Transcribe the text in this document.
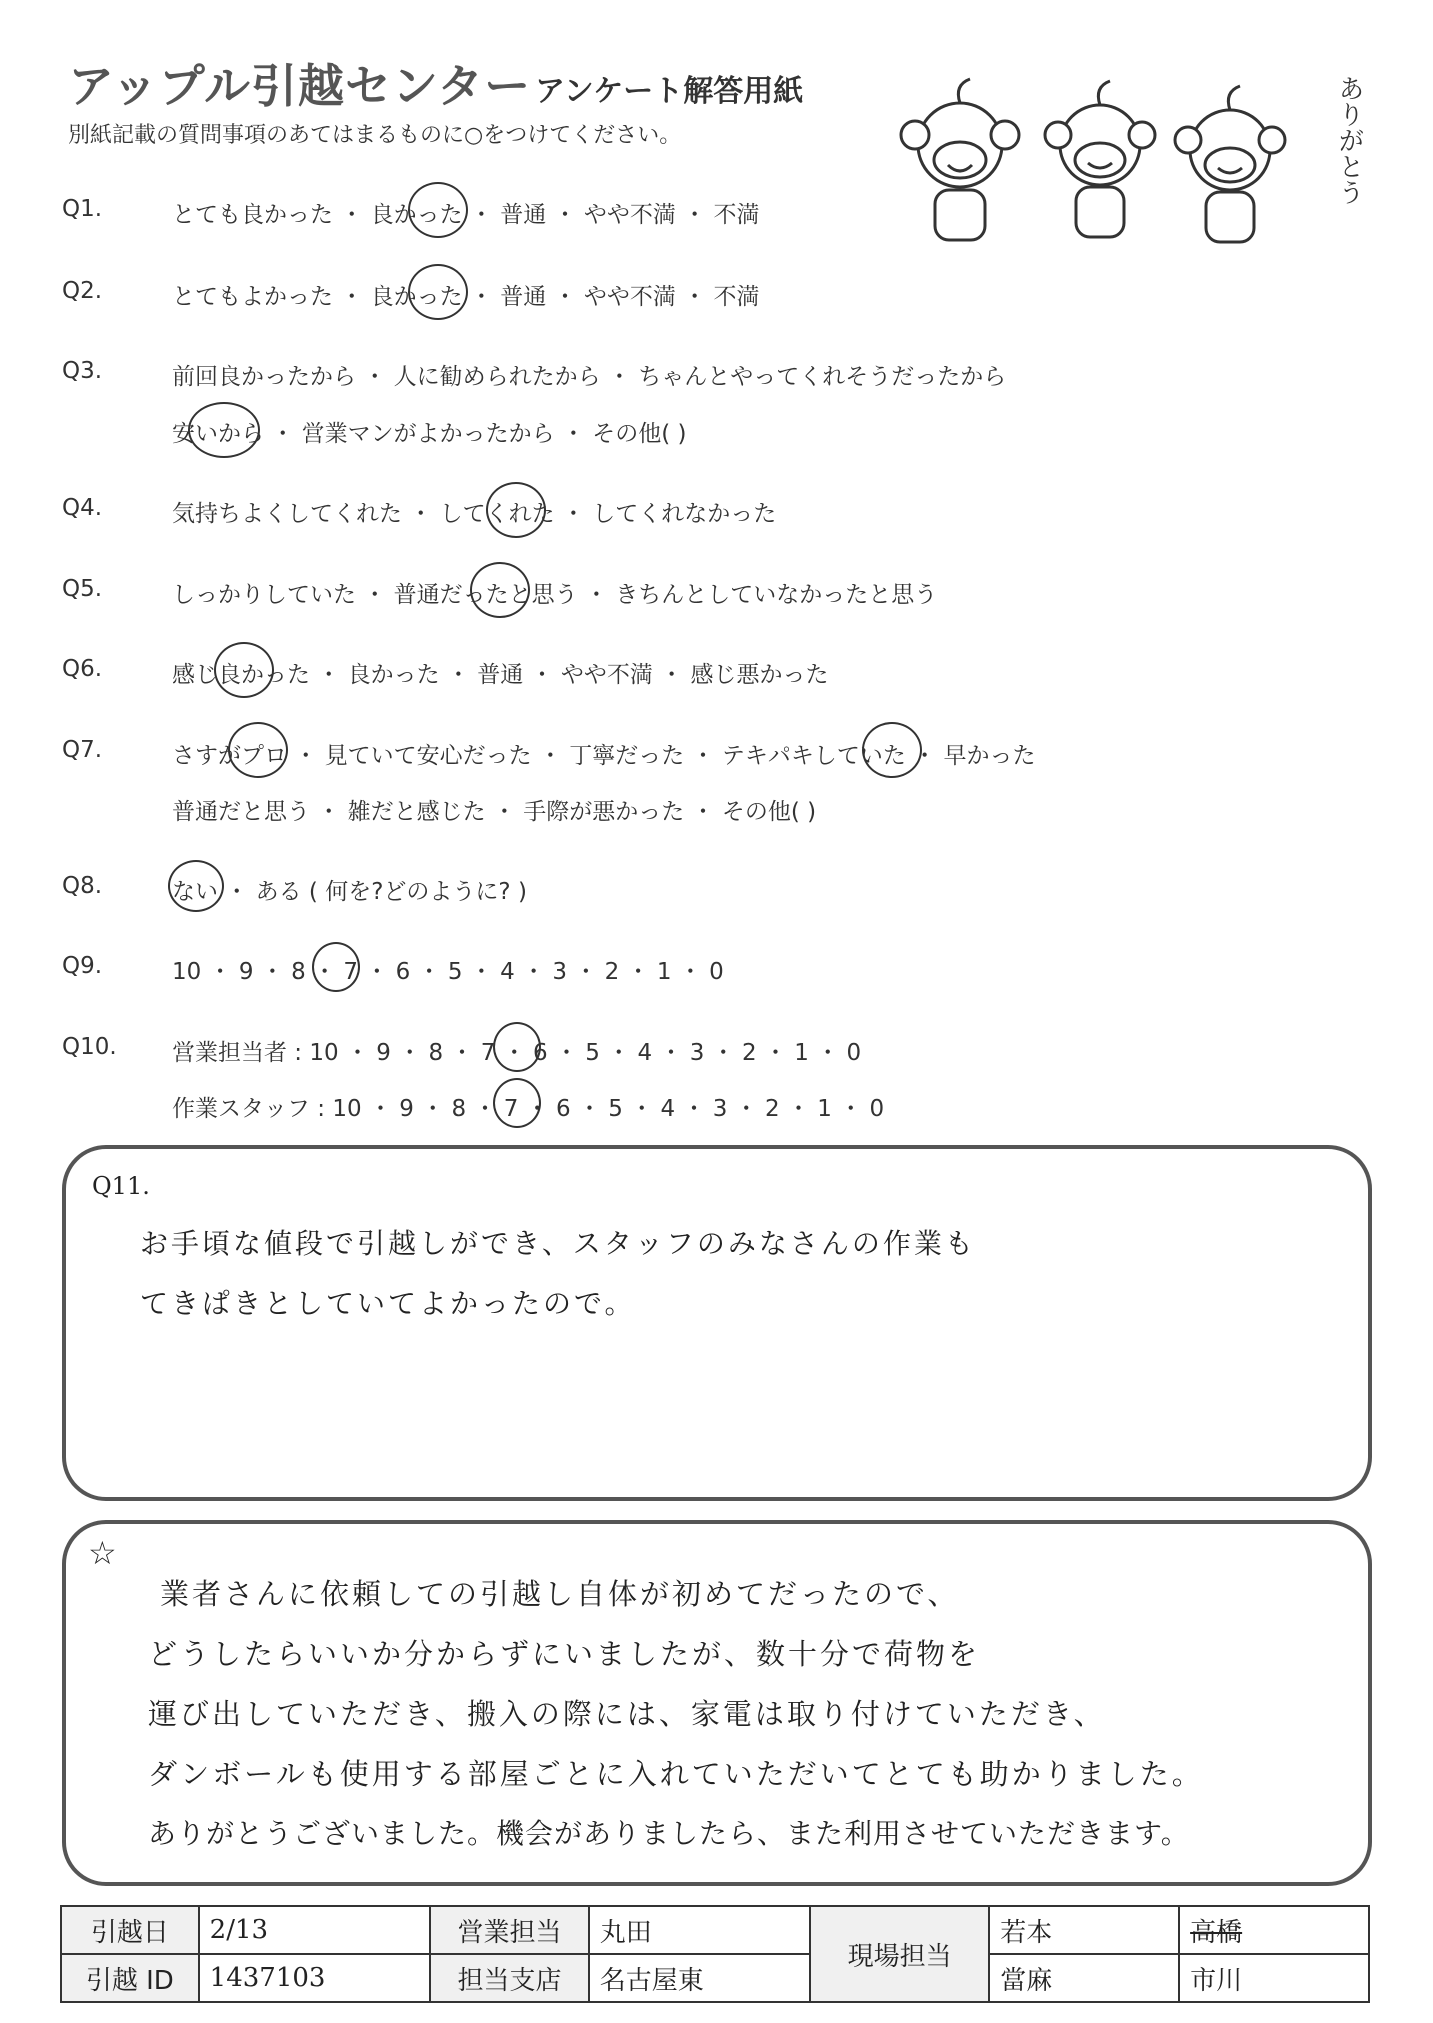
アップル引越センター アンケート解答用紙
別紙記載の質問事項のあてはまるものに○をつけてください。	ありがとう
Q1.	とても良かった ・ 良かった ・ 普通 ・ やや不満 ・ 不満
Q2.	とてもよかった ・ 良かった ・ 普通 ・ やや不満 ・ 不満
Q3.	前回良かったから ・ 人に勧められたから ・ ちゃんとやってくれそうだったから
安いから ・ 営業マンがよかったから ・ その他( )
Q4.	気持ちよくしてくれた ・ してくれた ・ してくれなかった
Q5.	しっかりしていた ・ 普通だったと思う ・ きちんとしていなかったと思う
Q6.	感じ良かった ・ 良かった ・ 普通 ・ やや不満 ・ 感じ悪かった
Q7.	さすがプロ ・ 見ていて安心だった ・ 丁寧だった ・ テキパキしていた ・ 早かった
普通だと思う ・ 雑だと感じた ・ 手際が悪かった ・ その他( )
Q8.	ない ・ ある ( 何を?どのように? )
Q9.	10 ・ 9 ・ 8 ・ 7 ・ 6 ・ 5 ・ 4 ・ 3 ・ 2 ・ 1 ・ 0
Q10. 営業担当者 : 10 ・ 9 ・ 8 ・ 7 ・ 6 ・ 5 ・ 4 ・ 3 ・ 2 ・ 1 ・ 0
作業スタッフ : 10 ・ 9 ・ 8 ・ 7 ・ 6 ・ 5 ・ 4 ・ 3 ・ 2 ・ 1 ・ 0
Q11.
お手頃な値段で引越しができ、スタッフのみなさんの作業も
てきぱきとしていてよかったので。
☆
業者さんに依頼しての引越し自体が初めてだったので、
どうしたらいいか分からずにいましたが、数十分で荷物を
運び出していただき、搬入の際には、家電は取り付けていただき、
ダンボールも使用する部屋ごとに入れていただいてとても助かりました。
ありがとうございました。機会がありましたら、また利用させていただきます。
引越日	2/13	営業担当	丸田	現場担当	若本	高橋
引越 ID	1437103	担当支店	名古屋東		當麻	市川
